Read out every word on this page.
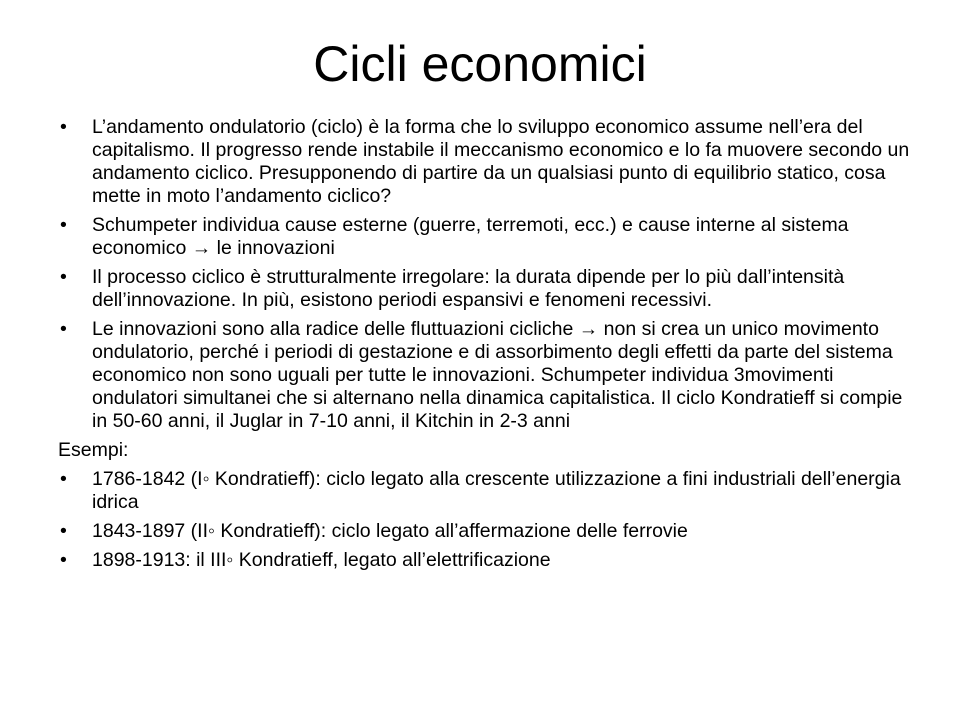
Cicli economici
• L’andamento ondulatorio (ciclo) è la forma che lo sviluppo economico assume nell’era del capitalismo. Il progresso rende instabile il meccanismo economico e lo fa muovere secondo un andamento ciclico. Presupponendo di partire da un qualsiasi punto di equilibrio statico, cosa mette in moto l’andamento ciclico?
• Schumpeter individua cause esterne (guerre, terremoti, ecc.) e cause interne al sistema economico → le innovazioni
• Il processo ciclico è strutturalmente irregolare: la durata dipende per lo più dall’intensità dell’innovazione. In più, esistono periodi espansivi e fenomeni recessivi.
• Le innovazioni sono alla radice delle fluttuazioni cicliche → non si crea un unico movimento ondulatorio, perché i periodi di gestazione e di assorbimento degli effetti da parte del sistema economico non sono uguali per tutte le innovazioni. Schumpeter individua 3movimenti ondulatori simultanei che si alternano nella dinamica capitalistica. Il ciclo Kondratieff si compie in 50-60 anni, il Juglar in 7-10 anni, il Kitchin in 2-3 anni
Esempi:
• 1786-1842 (I◦ Kondratieff): ciclo legato alla crescente utilizzazione a fini industriali dell’energia idrica
• 1843-1897 (II◦ Kondratieff): ciclo legato all’affermazione delle ferrovie
• 1898-1913: il III◦ Kondratieff, legato all’elettrificazione
